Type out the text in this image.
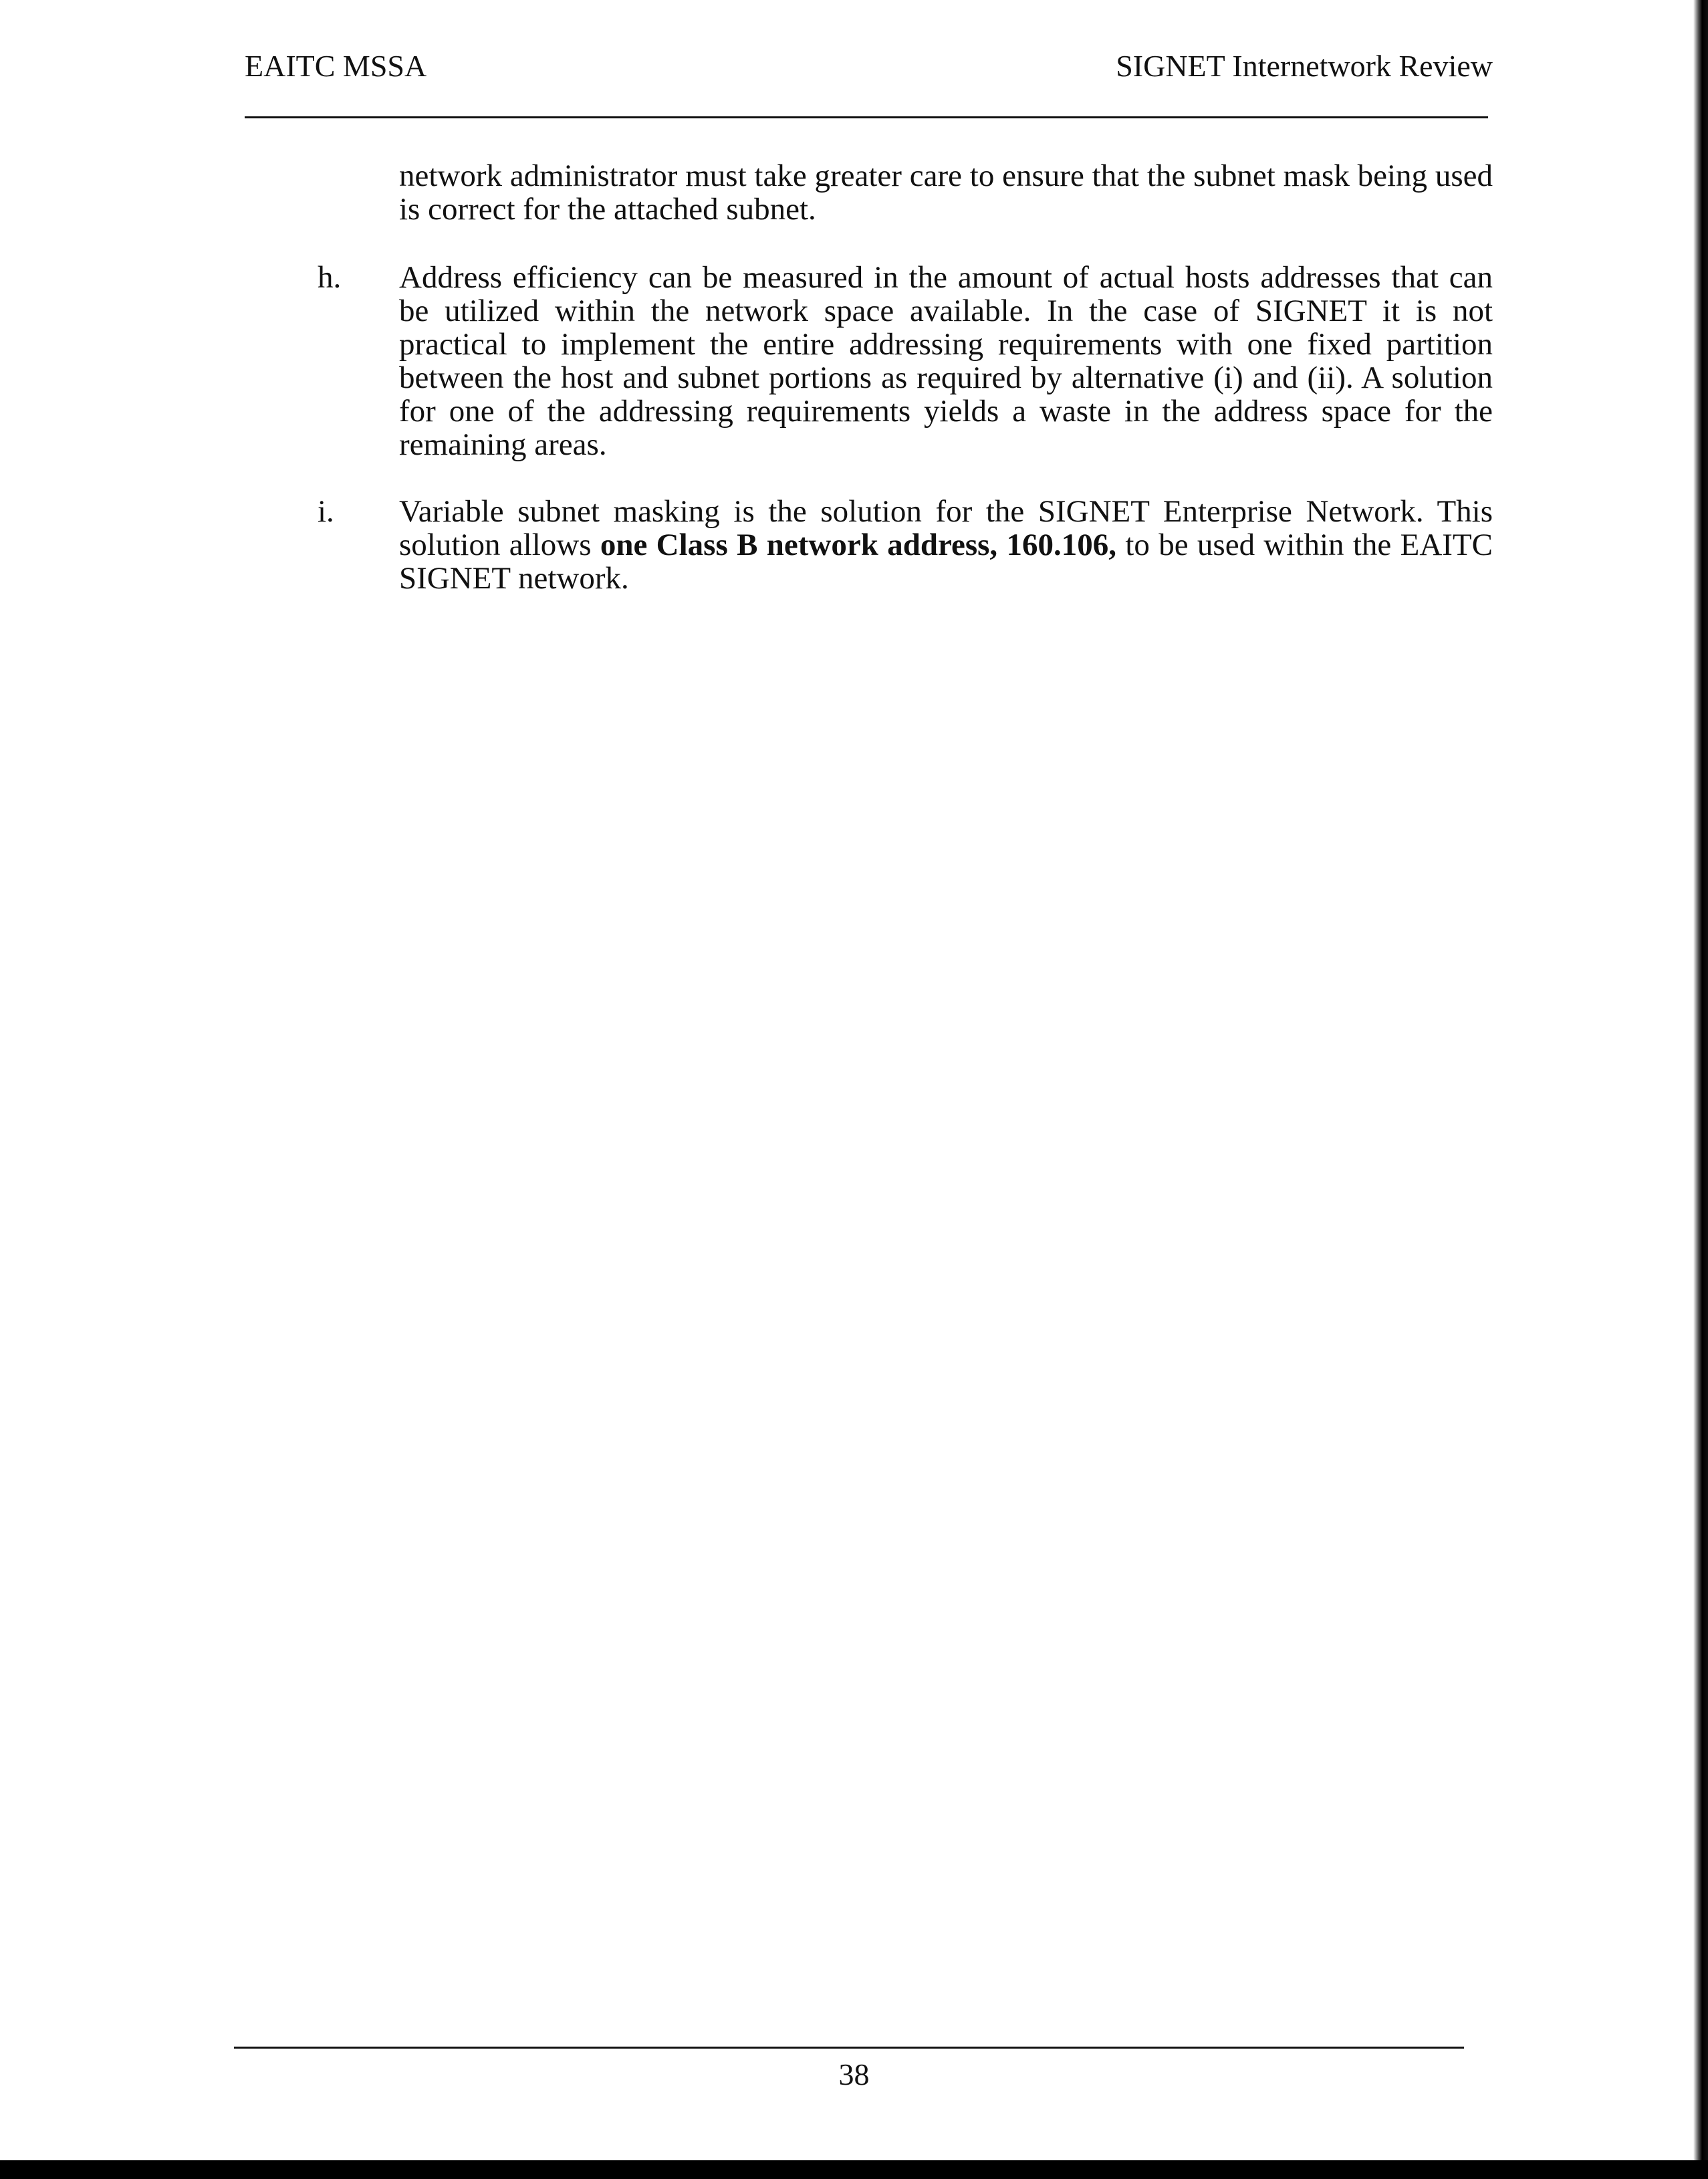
EAITC MSSA	SIGNET Internetwork Review
network administrator must take greater care to ensure that the subnet mask being used is correct for the attached subnet.
h. Address efficiency can be measured in the amount of actual hosts addresses that can be utilized within the network space available. In the case of SIGNET it is not practical to implement the entire addressing requirements with one fixed partition between the host and subnet portions as required by alternative (i) and (ii). A solution for one of the addressing requirements yields a waste in the address space for the remaining areas.
i. Variable subnet masking is the solution for the SIGNET Enterprise Network. This solution allows one Class B network address, 160.106, to be used within the EAITC SIGNET network.
38
